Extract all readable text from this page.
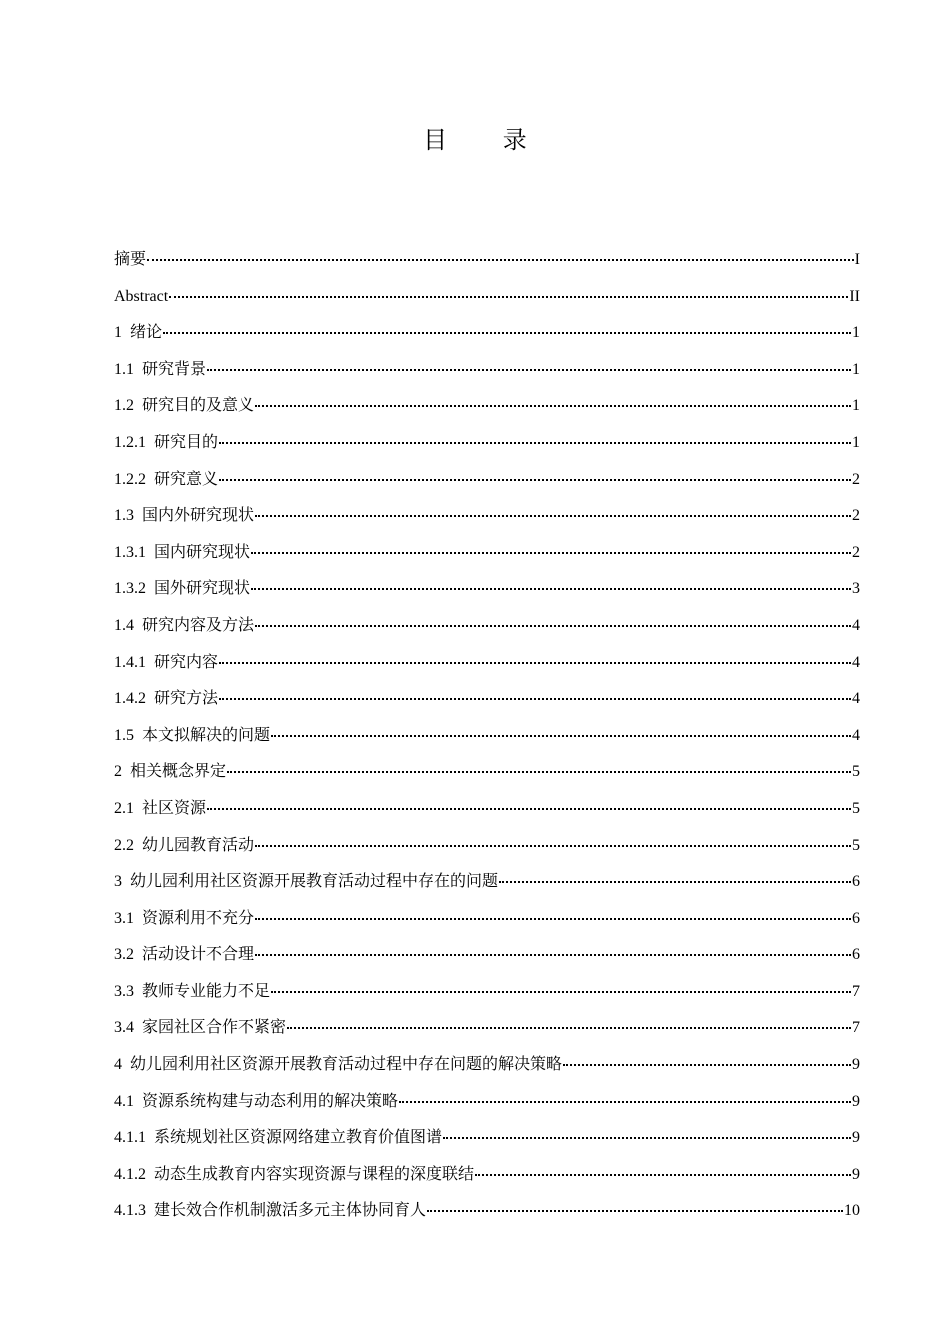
目 录
摘要	I
Abstract	II
1 绪论	1
1.1 研究背景	1
1.2 研究目的及意义	1
1.2.1 研究目的	1
1.2.2 研究意义	2
1.3 国内外研究现状	2
1.3.1 国内研究现状	2
1.3.2 国外研究现状	3
1.4 研究内容及方法	4
1.4.1 研究内容	4
1.4.2 研究方法	4
1.5 本文拟解决的问题	4
2 相关概念界定	5
2.1 社区资源	5
2.2 幼儿园教育活动	5
3 幼儿园利用社区资源开展教育活动过程中存在的问题	6
3.1 资源利用不充分	6
3.2 活动设计不合理	6
3.3 教师专业能力不足	7
3.4 家园社区合作不紧密	7
4 幼儿园利用社区资源开展教育活动过程中存在问题的解决策略	9
4.1 资源系统构建与动态利用的解决策略	9
4.1.1 系统规划社区资源网络建立教育价值图谱	9
4.1.2 动态生成教育内容实现资源与课程的深度联结	9
4.1.3 建长效合作机制激活多元主体协同育人	10
